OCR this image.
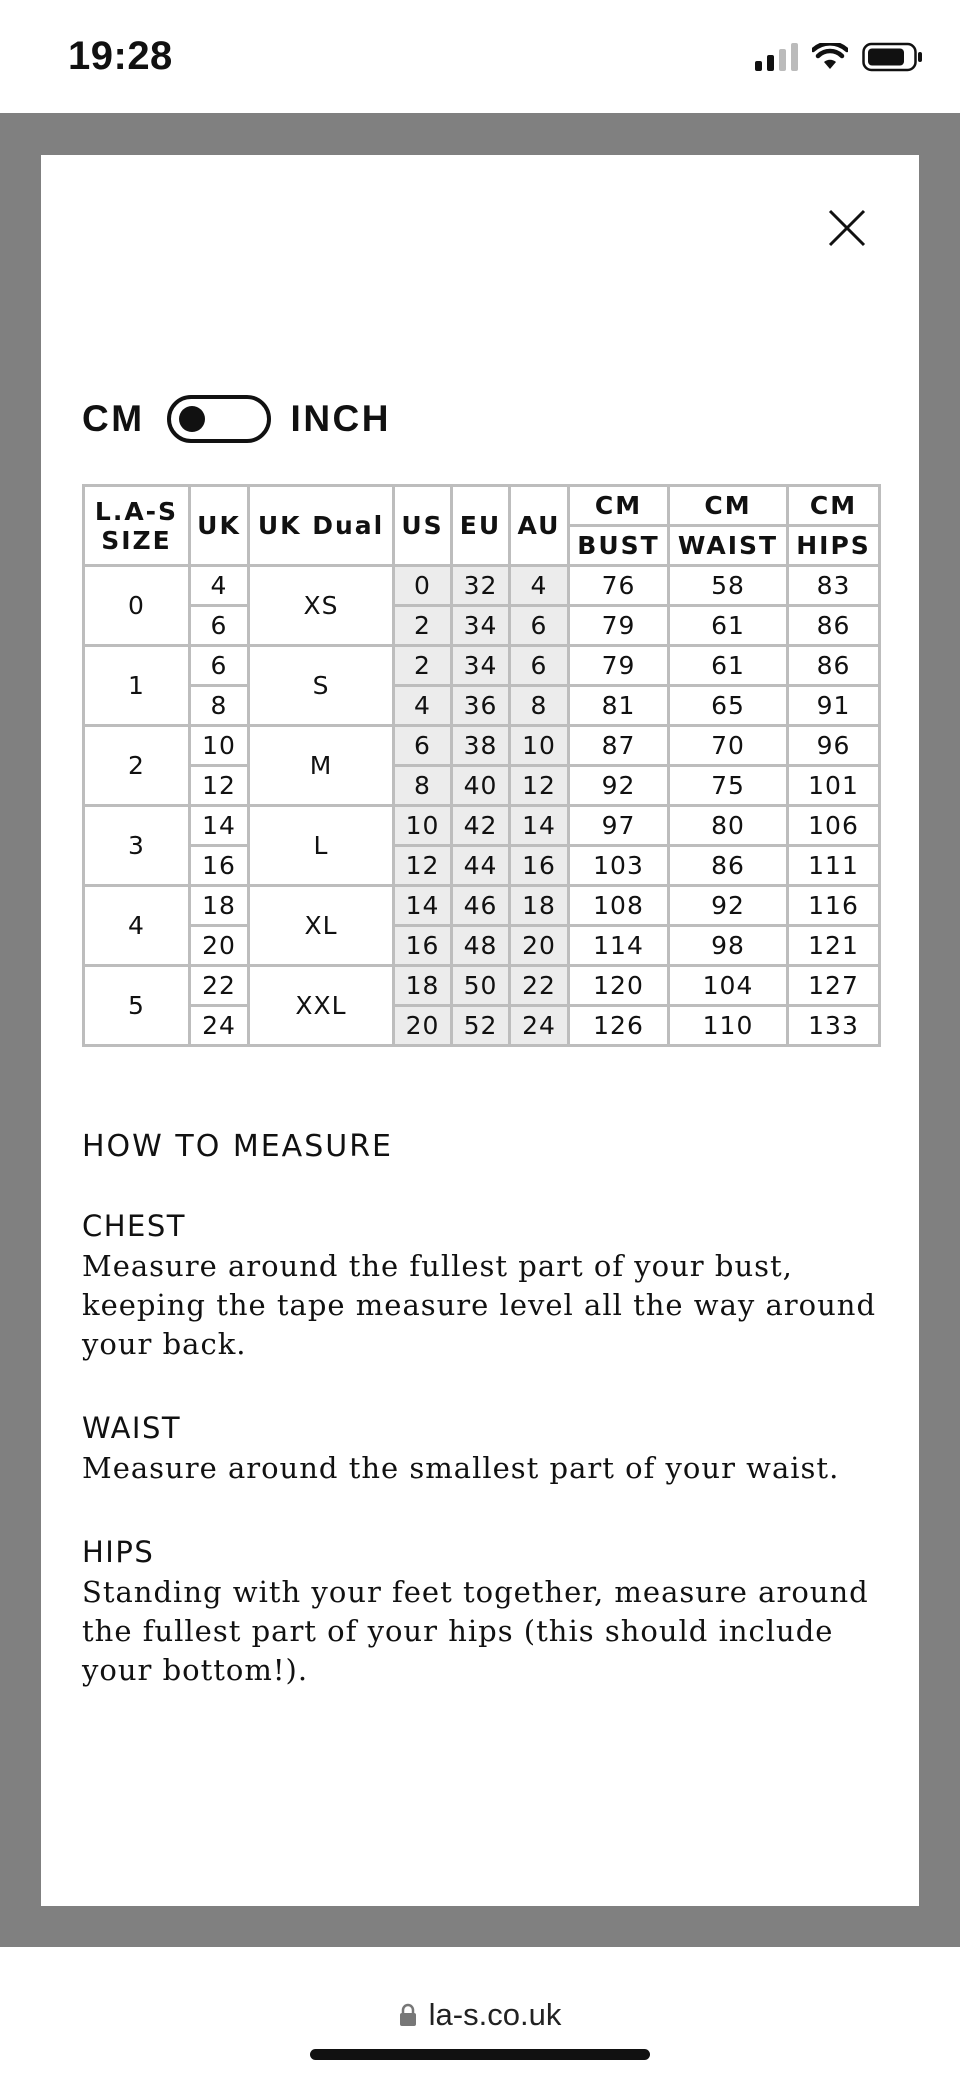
19:28
CM	INCH
L.A-S
SIZE	UK	UK Dual	US	EU	AU	CM	CM	CM
						BUST	WAIST	HIPS
0	4	XS	0	32	4	76	58	83
	6		2	34	6	79	61	86
1	6	S	2	34	6	79	61	86
	8		4	36	8	81	65	91
2	10	M	6	38	10	87	70	96
	12		8	40	12	92	75	101
3	14	L	10	42	14	97	80	106
	16		12	44	16	103	86	111
4	18	XL	14	46	18	108	92	116
	20		16	48	20	114	98	121
5	22	XXL	18	50	22	120	104	127
	24		20	52	24	126	110	133
HOW TO MEASURE
CHEST
Measure around the fullest part of your bust, keeping the tape measure level all the way around your back.
WAIST
Measure around the smallest part of your waist.
HIPS
Standing with your feet together, measure around the fullest part of your hips (this should include your bottom!).
la-s.co.uk
